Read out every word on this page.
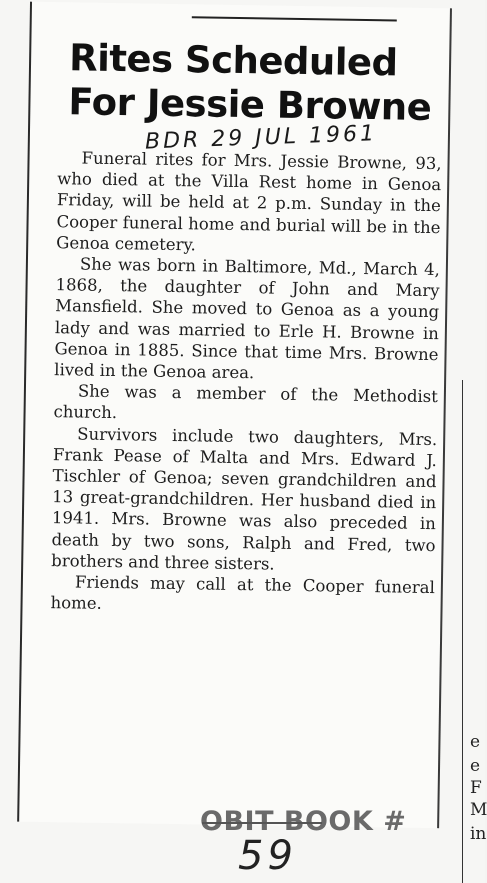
Rites Scheduled
For Jessie Browne
BDR 29 JUL 1961

Funeral rites for Mrs. Jessie Browne, 93, who died at the Villa Rest home in Genoa Friday, will be held at 2 p.m. Sunday in the Cooper funeral home and burial will be in the Genoa cemetery.

She was born in Baltimore, Md., March 4, 1868, the daughter of John and Mary Mansfield. She moved to Genoa as a young lady and was married to Erle H. Browne in Genoa in 1885. Since that time Mrs. Browne lived in the Genoa area.

She was a member of the Methodist church.

Survivors include two daughters, Mrs. Frank Pease of Malta and Mrs. Edward J. Tischler of Genoa; seven grandchildren and 13 great-grandchildren. Her husband died in 1941. Mrs. Browne was also preceded in death by two sons, Ralph and Fred, two brothers and three sisters.

Friends may call at the Cooper funeral home.

e
e
F
M
in
OBIT BOOK #
59
